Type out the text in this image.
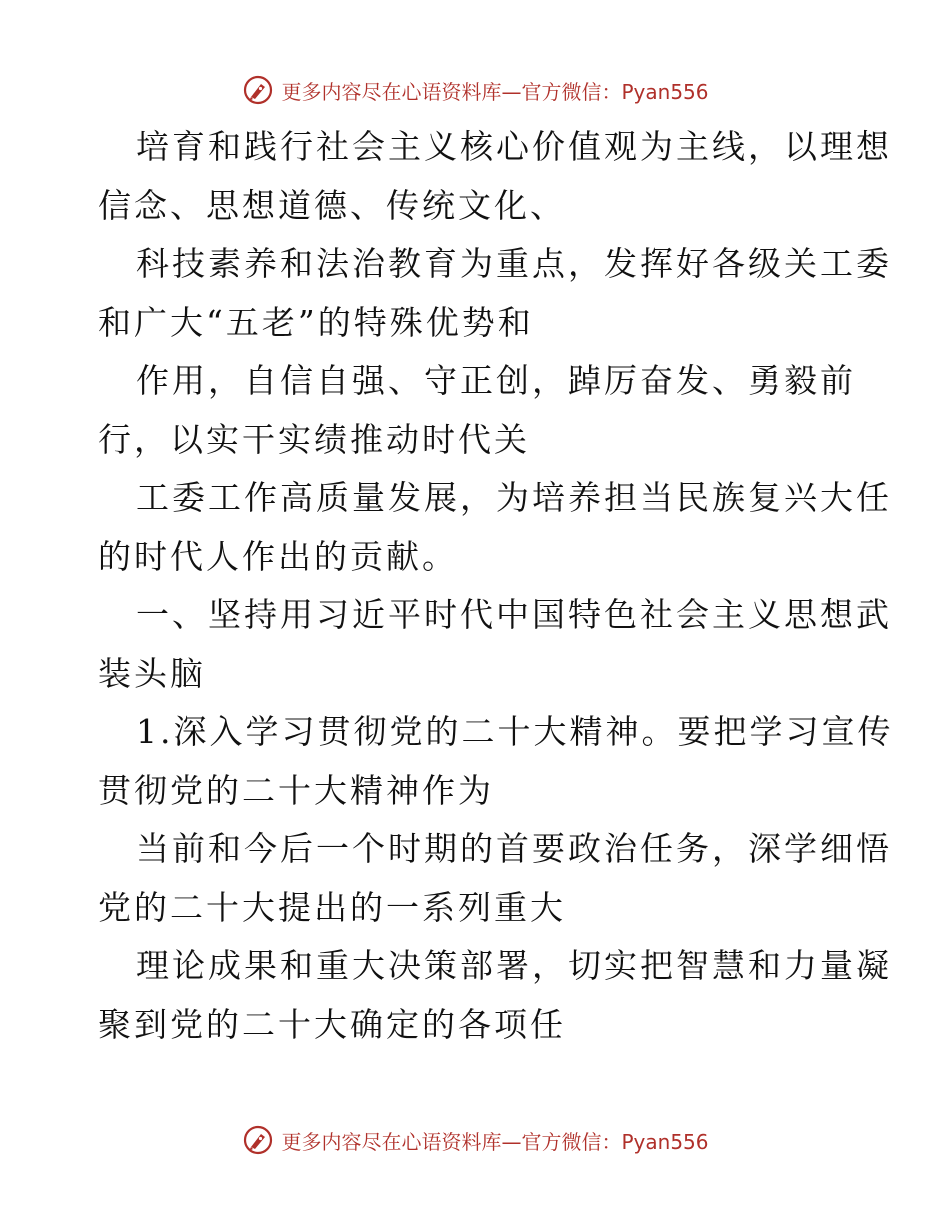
更多内容尽在心语资料库—官方微信：Pyan556
培育和践行社会主义核心价值观为主线，以理想
信念、思想道德、传统文化、
科技素养和法治教育为重点，发挥好各级关工委
和广大“五老”的特殊优势和
作用，自信自强、守正创，踔厉奋发、勇毅前
行，以实干实绩推动时代关
工委工作高质量发展，为培养担当民族复兴大任
的时代人作出的贡献。
一、坚持用习近平时代中国特色社会主义思想武
装头脑
1.深入学习贯彻党的二十大精神。要把学习宣传
贯彻党的二十大精神作为
当前和今后一个时期的首要政治任务，深学细悟
党的二十大提出的一系列重大
理论成果和重大决策部署，切实把智慧和力量凝
聚到党的二十大确定的各项任
更多内容尽在心语资料库—官方微信：Pyan556
